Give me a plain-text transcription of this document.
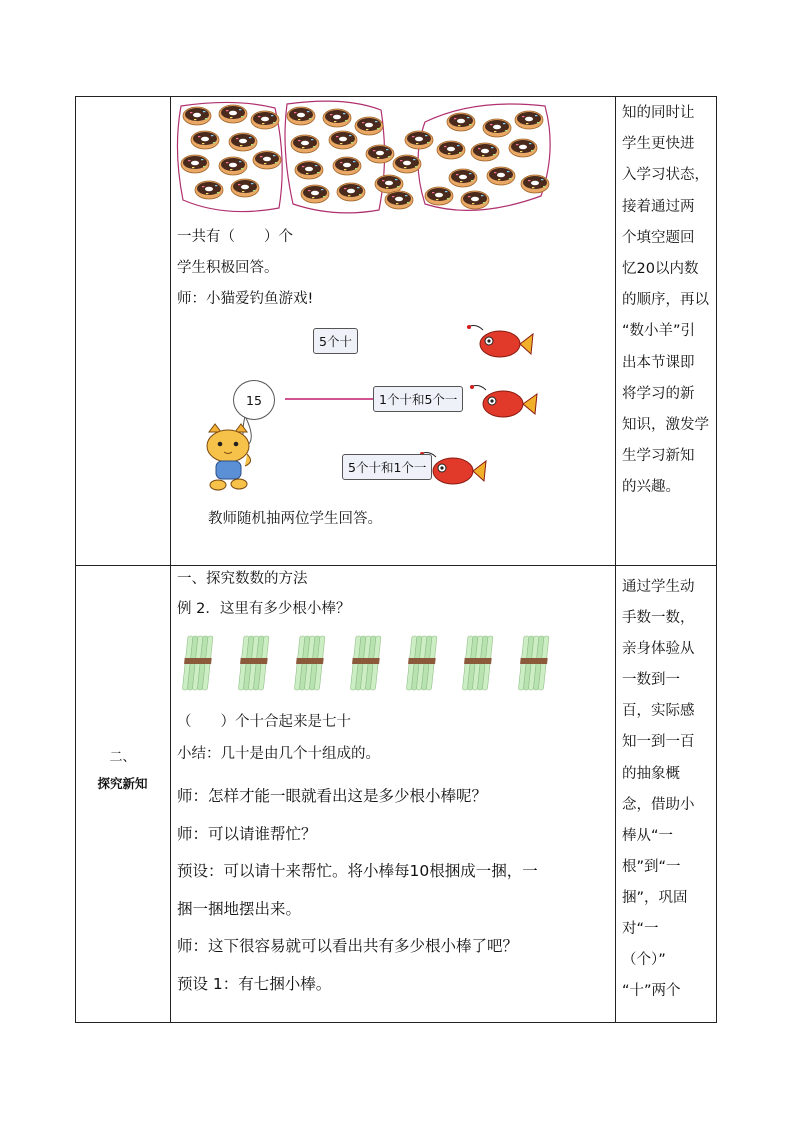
一共有（　　）个
学生积极回答。
师：小猫爱钓鱼游戏!
15
5个十
1个十和5个一
5个十和1个一
教师随机抽两位学生回答。
知的同时让
学生更快进
入学习状态，
接着通过两
个填空题回
忆20以内数
的顺序，再以
“数小羊”引
出本节课即
将学习的新
知识，激发学
生学习新知
的兴趣。
二、
探究新知
一、探究数数的方法
例 2．这里有多少根小棒？
（　　）个十合起来是七十
小结：几十是由几个十组成的。
师：怎样才能一眼就看出这是多少根小棒呢？
师：可以请谁帮忙？
预设：可以请十来帮忙。将小棒每10根捆成一捆，一
捆一捆地摆出来。
师：这下很容易就可以看出共有多少根小棒了吧？
预设 1：有七捆小棒。
通过学生动
手数一数，
亲身体验从
一数到一
百，实际感
知一到一百
的抽象概
念，借助小
棒从“一
根”到“一
捆”，巩固
对“一
（个）”
“十”两个
